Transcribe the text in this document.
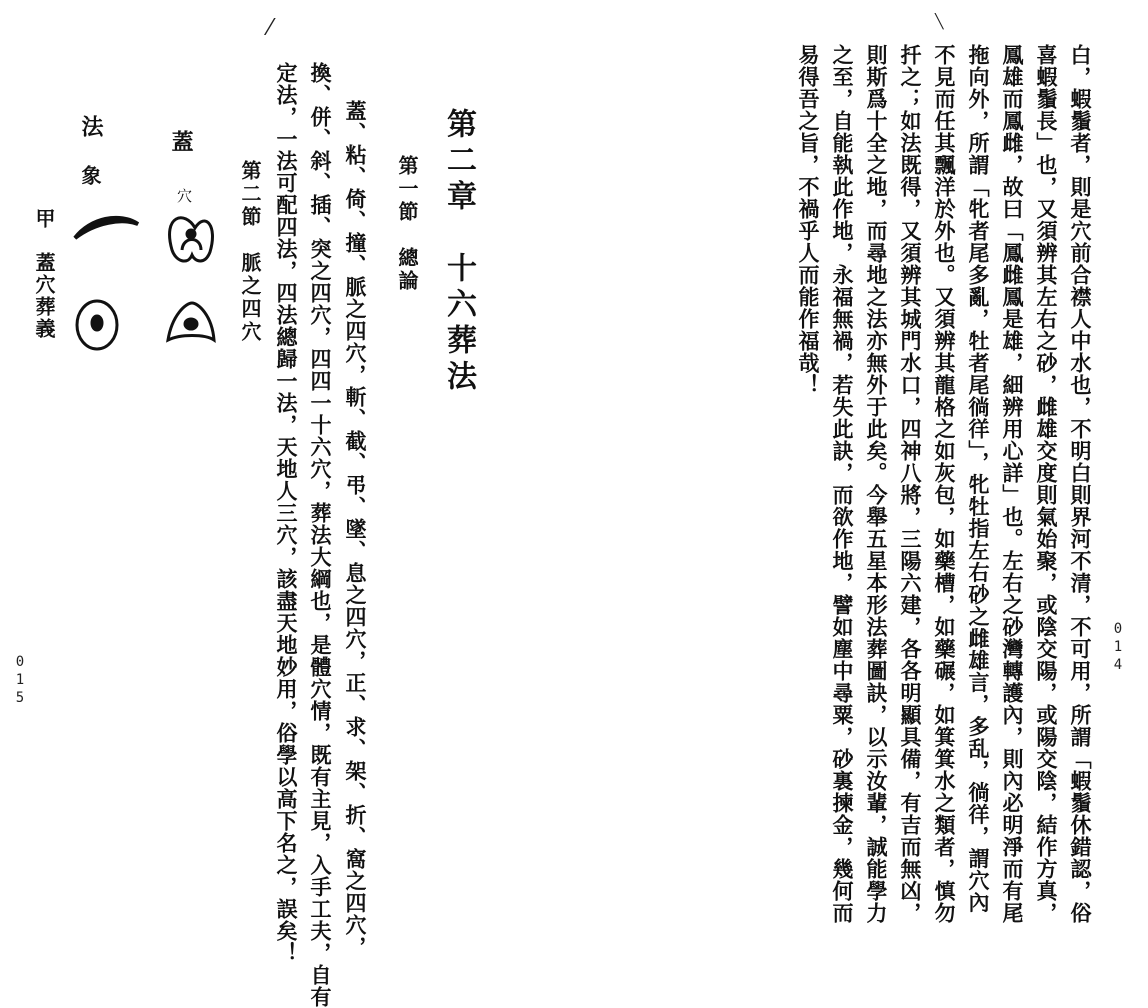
白，蝦鬚者，則是穴前合襟人中水也，不明白則界河不清，不可用，所謂「蝦鬚休錯認，俗
喜蝦鬚長」也，又須辨其左右之砂，雌雄交度則氣始聚，或陰交陽，或陽交陰，結作方真，
鳳雄而鳳雌，故曰「鳳雌鳳是雄，細辨用心詳」也。左右之砂灣轉護內，則內必明淨而有尾
拖向外，所謂「牝者尾多亂，牡者尾徜徉」，牝牡指左右砂之雌雄言，多乱，徜徉，謂穴內
不見而任其飄洋於外也。又須辨其龍格之如灰包，如藥槽，如藥碾，如箕箕水之類者，慎勿
扦之；如法既得，又須辨其城門水口，四神八將，三陽六建，各各明顯具備，有吉而無凶，
則斯爲十全之地，而尋地之法亦無外于此矣。今舉五星本形法葬圖訣，以示汝輩，誠能學力
之至，自能執此作地，永福無禍，若失此訣，而欲作地，譬如塵中尋粟，砂裏揀金，幾何而
易得吾之旨，不禍乎人而能作福哉！
014
第二章　十六葬法
第一節　總論
蓋、粘、倚、撞、脈之四穴，斬、截、弔、墜、息之四穴，正、求、架、折、窩之四穴，
換、併、斜、插、突之四穴，四四一十六穴，葬法大綱也，是體穴情，既有主見，入手工夫，自有
定法，一法可配四法，四法總歸一法，天地人三穴，該盡天地妙用，俗學以高下名之，誤矣！
第二節　脈之四穴
蓋
穴
法
象
甲　蓋穴葬義
015
⁄	╲
